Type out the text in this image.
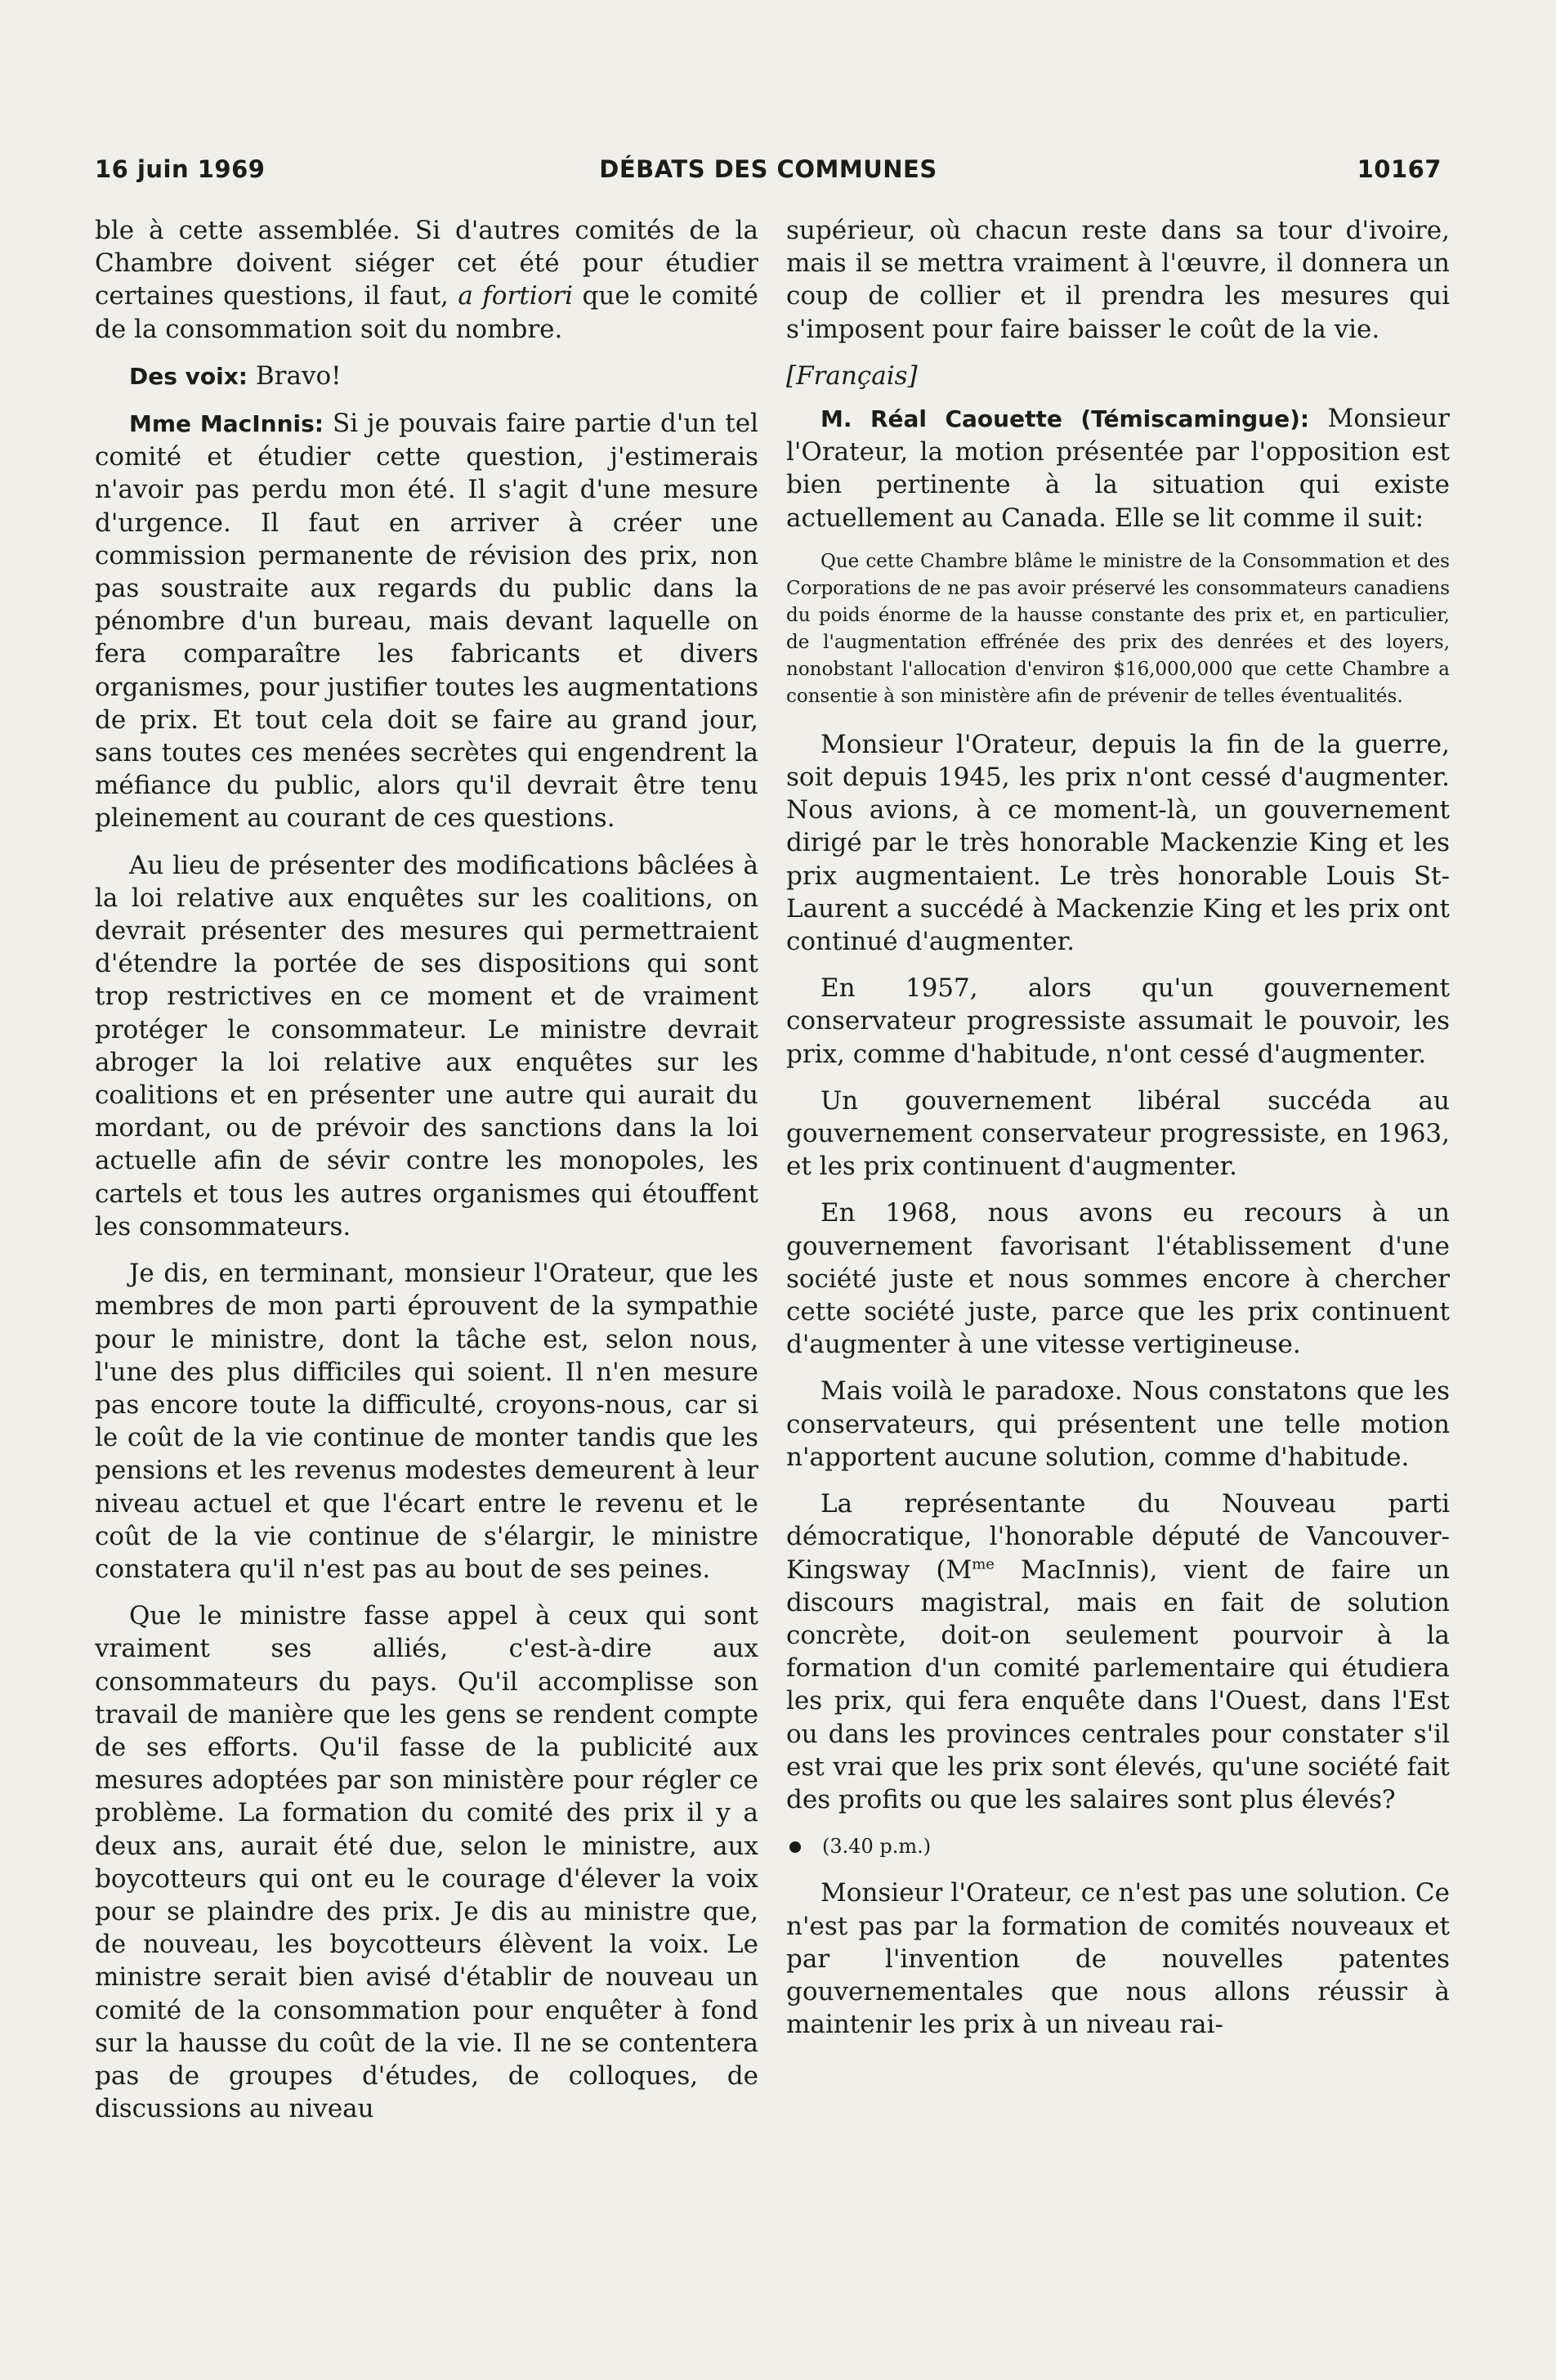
16 juin 1969	DÉBATS DES COMMUNES	10167

ble à cette assemblée. Si d'autres comités de la Chambre doivent siéger cet été pour étudier certaines questions, il faut, a fortiori que le comité de la consommation soit du nombre.

Des voix: Bravo!

Mme MacInnis: Si je pouvais faire partie d'un tel comité et étudier cette question, j'estimerais n'avoir pas perdu mon été. Il s'agit d'une mesure d'urgence. Il faut en arriver à créer une commission permanente de révision des prix, non pas soustraite aux regards du public dans la pénombre d'un bureau, mais devant laquelle on fera comparaître les fabricants et divers organismes, pour justifier toutes les augmentations de prix. Et tout cela doit se faire au grand jour, sans toutes ces menées secrètes qui engendrent la méfiance du public, alors qu'il devrait être tenu pleinement au courant de ces questions.

Au lieu de présenter des modifications bâclées à la loi relative aux enquêtes sur les coalitions, on devrait présenter des mesures qui permettraient d'étendre la portée de ses dispositions qui sont trop restrictives en ce moment et de vraiment protéger le consommateur. Le ministre devrait abroger la loi relative aux enquêtes sur les coalitions et en présenter une autre qui aurait du mordant, ou de prévoir des sanctions dans la loi actuelle afin de sévir contre les monopoles, les cartels et tous les autres organismes qui étouffent les consommateurs.

Je dis, en terminant, monsieur l'Orateur, que les membres de mon parti éprouvent de la sympathie pour le ministre, dont la tâche est, selon nous, l'une des plus difficiles qui soient. Il n'en mesure pas encore toute la difficulté, croyons-nous, car si le coût de la vie continue de monter tandis que les pensions et les revenus modestes demeurent à leur niveau actuel et que l'écart entre le revenu et le coût de la vie continue de s'élargir, le ministre constatera qu'il n'est pas au bout de ses peines.

Que le ministre fasse appel à ceux qui sont vraiment ses alliés, c'est-à-dire aux consommateurs du pays. Qu'il accomplisse son travail de manière que les gens se rendent compte de ses efforts. Qu'il fasse de la publicité aux mesures adoptées par son ministère pour régler ce problème. La formation du comité des prix il y a deux ans, aurait été due, selon le ministre, aux boycotteurs qui ont eu le courage d'élever la voix pour se plaindre des prix. Je dis au ministre que, de nouveau, les boycotteurs élèvent la voix. Le ministre serait bien avisé d'établir de nouveau un comité de la consommation pour enquêter à fond sur la hausse du coût de la vie. Il ne se contentera pas de groupes d'études, de colloques, de discussions au niveau

supérieur, où chacun reste dans sa tour d'ivoire, mais il se mettra vraiment à l'œuvre, il donnera un coup de collier et il prendra les mesures qui s'imposent pour faire baisser le coût de la vie.

[Français]

M. Réal Caouette (Témiscamingue): Monsieur l'Orateur, la motion présentée par l'opposition est bien pertinente à la situation qui existe actuellement au Canada. Elle se lit comme il suit:

Que cette Chambre blâme le ministre de la Consommation et des Corporations de ne pas avoir préservé les consommateurs canadiens du poids énorme de la hausse constante des prix et, en particulier, de l'augmentation effrénée des prix des denrées et des loyers, nonobstant l'allocation d'environ $16,000,000 que cette Chambre a consentie à son ministère afin de prévenir de telles éventualités.

Monsieur l'Orateur, depuis la fin de la guerre, soit depuis 1945, les prix n'ont cessé d'augmenter. Nous avions, à ce moment-là, un gouvernement dirigé par le très honorable Mackenzie King et les prix augmentaient. Le très honorable Louis St-Laurent a succédé à Mackenzie King et les prix ont continué d'augmenter.

En 1957, alors qu'un gouvernement conservateur progressiste assumait le pouvoir, les prix, comme d'habitude, n'ont cessé d'augmenter.

Un gouvernement libéral succéda au gouvernement conservateur progressiste, en 1963, et les prix continuent d'augmenter.

En 1968, nous avons eu recours à un gouvernement favorisant l'établissement d'une société juste et nous sommes encore à chercher cette société juste, parce que les prix continuent d'augmenter à une vitesse vertigineuse.

Mais voilà le paradoxe. Nous constatons que les conservateurs, qui présentent une telle motion n'apportent aucune solution, comme d'habitude.

La représentante du Nouveau parti démocratique, l'honorable député de Vancouver-Kingsway ($M^{me}$ MacInnis), vient de faire un discours magistral, mais en fait de solution concrète, doit-on seulement pourvoir à la formation d'un comité parlementaire qui étudiera les prix, qui fera enquête dans l'Ouest, dans l'Est ou dans les provinces centrales pour constater s'il est vrai que les prix sont élevés, qu'une société fait des profits ou que les salaires sont plus élevés?

(3.40 p.m.)

Monsieur l'Orateur, ce n'est pas une solution. Ce n'est pas par la formation de comités nouveaux et par l'invention de nouvelles patentes gouvernementales que nous allons réussir à maintenir les prix à un niveau rai-
